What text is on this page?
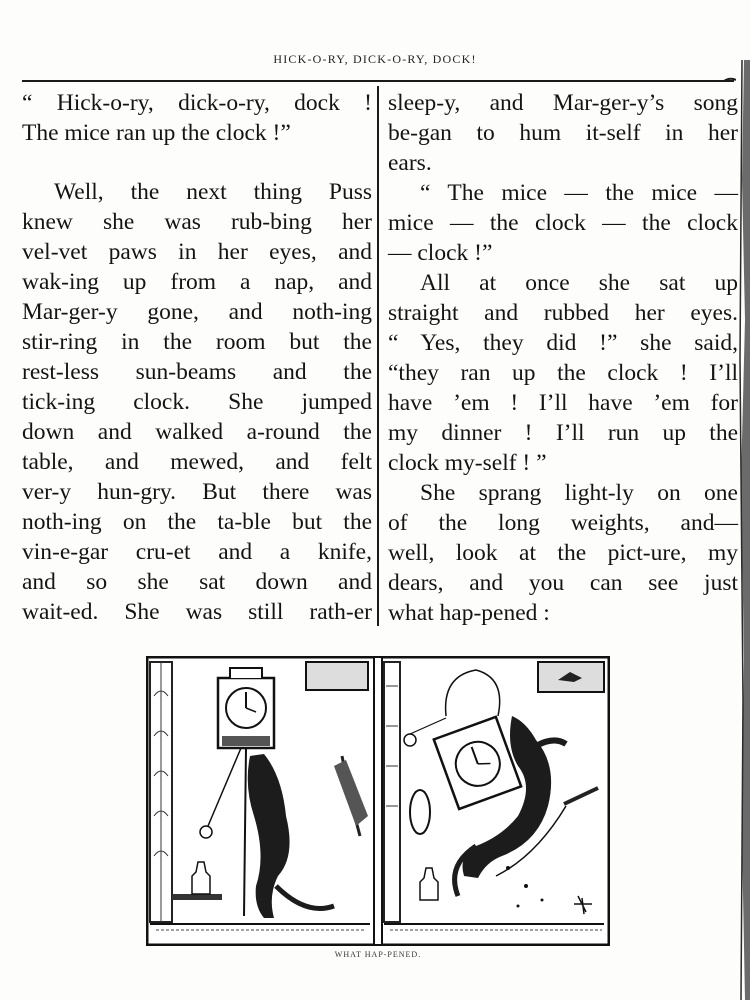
HICK-O-RY, DICK-O-RY, DOCK!
“ Hick-o-ry, dick-o-ry, dock !
The mice ran up the clock !”
Well, the next thing Puss
knew she was rub-bing her
vel-vet paws in her eyes, and
wak-ing up from a nap, and
Mar-ger-y gone, and noth-ing
stir-ring in the room but the
rest-less sun-beams and the
tick-ing clock. She jumped
down and walked a-round the
table, and mewed, and felt
ver-y hun-gry. But there was
noth-ing on the ta-ble but the
vin-e-gar cru-et and a knife,
and so she sat down and
wait-ed. She was still rath-er
sleep-y, and Mar-ger-y’s song
be-gan to hum it-self in her
ears.
“ The mice — the mice —
mice — the clock — the clock
— clock !”
All at once she sat up
straight and rubbed her eyes.
“ Yes, they did !” she said,
“they ran up the clock ! I’ll
have ’em ! I’ll have ’em for
my dinner ! I’ll run up the
clock my-self ! ”
She sprang light-ly on one
of the long weights, and—
well, look at the pict-ure, my
dears, and you can see just
what hap-pened :
WHAT HAP-PENED.
